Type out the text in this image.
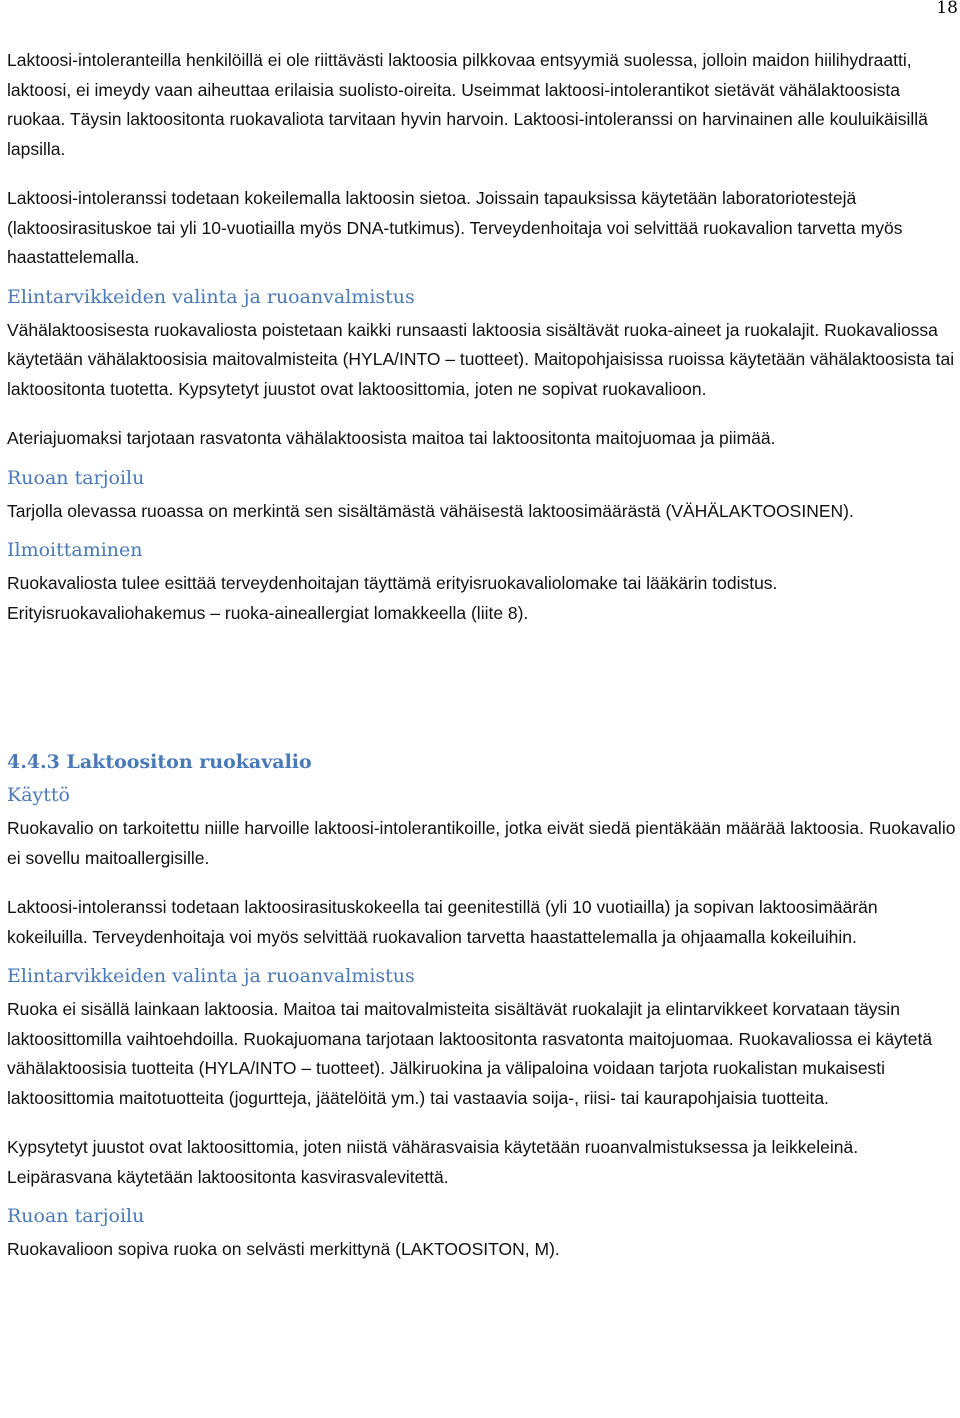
18

Laktoosi-intoleranteilla henkilöillä ei ole riittävästi laktoosia pilkkovaa entsyymiä suolessa, jolloin maidon hiilihydraatti, laktoosi, ei imeydy vaan aiheuttaa erilaisia suolisto-oireita. Useimmat laktoosi-intolerantikot sietävät vähälaktoosista ruokaa. Täysin laktoositonta ruokavaliota tarvitaan hyvin harvoin. Laktoosi-intoleranssi on harvinainen alle kouluikäisillä lapsilla.

Laktoosi-intoleranssi todetaan kokeilemalla laktoosin sietoa. Joissain tapauksissa käytetään laboratoriotestejä (laktoosirasituskoe tai yli 10-vuotiailla myös DNA-tutkimus). Terveydenhoitaja voi selvittää ruokavalion tarvetta myös haastattelemalla.

Elintarvikkeiden valinta ja ruoanvalmistus

Vähälaktoosisesta ruokavaliosta poistetaan kaikki runsaasti laktoosia sisältävät ruoka-aineet ja ruokalajit. Ruokavaliossa käytetään vähälaktoosisia maitovalmisteita (HYLA/INTO – tuotteet). Maitopohjaisissa ruoissa käytetään vähälaktoosista tai laktoositonta tuotetta. Kypsytetyt juustot ovat laktoosittomia, joten ne sopivat ruokavalioon.

Ateriajuomaksi tarjotaan rasvatonta vähälaktoosista maitoa tai laktoositonta maitojuomaa ja piimää.

Ruoan tarjoilu

Tarjolla olevassa ruoassa on merkintä sen sisältämästä vähäisestä laktoosimäärästä (VÄHÄLAKTOOSINEN).

Ilmoittaminen

Ruokavaliosta tulee esittää terveydenhoitajan täyttämä erityisruokavaliolomake tai lääkärin todistus. Erityisruokavaliohakemus – ruoka-aineallergiat lomakkeella (liite 8).

4.4.3 Laktoositon ruokavalio
Käyttö

Ruokavalio on tarkoitettu niille harvoille laktoosi-intolerantikoille, jotka eivät siedä pientäkään määrää laktoosia. Ruokavalio ei sovellu maitoallergisille.

Laktoosi-intoleranssi todetaan laktoosirasituskokeella tai geenitestillä (yli 10 vuotiailla) ja sopivan laktoosimäärän kokeiluilla. Terveydenhoitaja voi myös selvittää ruokavalion tarvetta haastattelemalla ja ohjaamalla kokeiluihin.

Elintarvikkeiden valinta ja ruoanvalmistus

Ruoka ei sisällä lainkaan laktoosia. Maitoa tai maitovalmisteita sisältävät ruokalajit ja elintarvikkeet korvataan täysin laktoosittomilla vaihtoehdoilla. Ruokajuomana tarjotaan laktoositonta rasvatonta maitojuomaa. Ruokavaliossa ei käytetä vähälaktoosisia tuotteita (HYLA/INTO – tuotteet). Jälkiruokina ja välipaloina voidaan tarjota ruokalistan mukaisesti laktoosittomia maitotuotteita (jogurtteja, jäätelöitä ym.) tai vastaavia soija-, riisi- tai kaurapohjaisia tuotteita.

Kypsytetyt juustot ovat laktoosittomia, joten niistä vähärasvaisia käytetään ruoanvalmistuksessa ja leikkeleinä. Leipärasvana käytetään laktoositonta kasvirasvalevitettä.

Ruoan tarjoilu

Ruokavalioon sopiva ruoka on selvästi merkittynä (LAKTOOSITON, M).
